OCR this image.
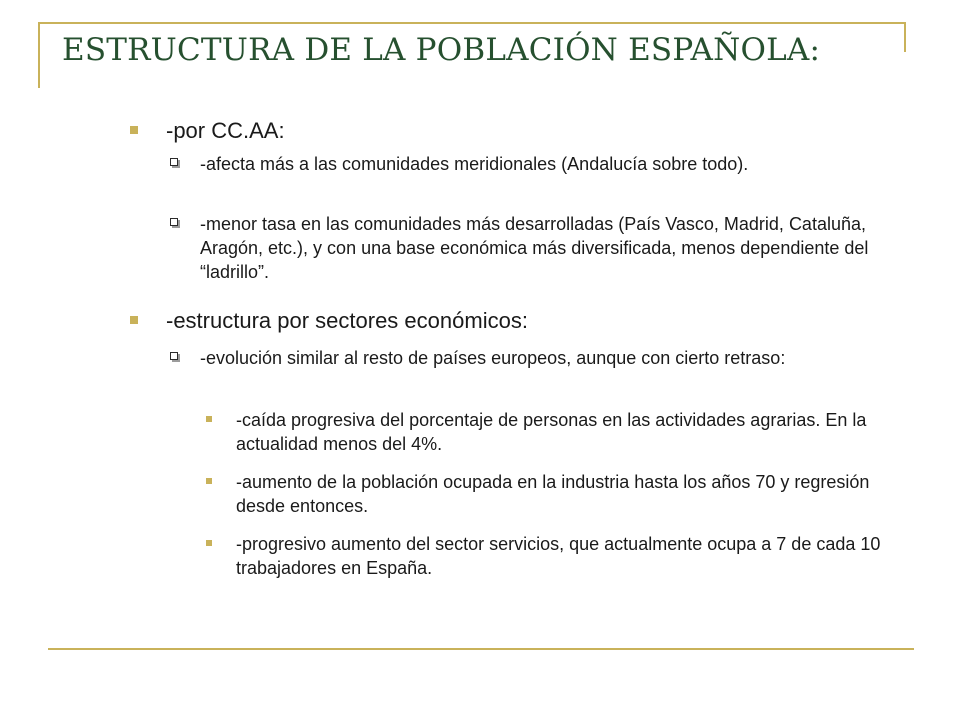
ESTRUCTURA DE LA POBLACIÓN ESPAÑOLA:
-por CC.AA:
-afecta más a las comunidades meridionales (Andalucía sobre todo).
-menor tasa en las comunidades más desarrolladas (País Vasco, Madrid, Cataluña, Aragón, etc.), y con una base económica más diversificada, menos dependiente del “ladrillo”.
-estructura por sectores económicos:
-evolución similar al resto de países europeos, aunque con cierto retraso:
-caída progresiva del porcentaje de personas en las actividades agrarias. En la actualidad menos del 4%.
-aumento de la población ocupada en la industria hasta los años 70 y regresión desde entonces.
-progresivo aumento del sector servicios, que actualmente ocupa a 7 de cada 10 trabajadores en España.
